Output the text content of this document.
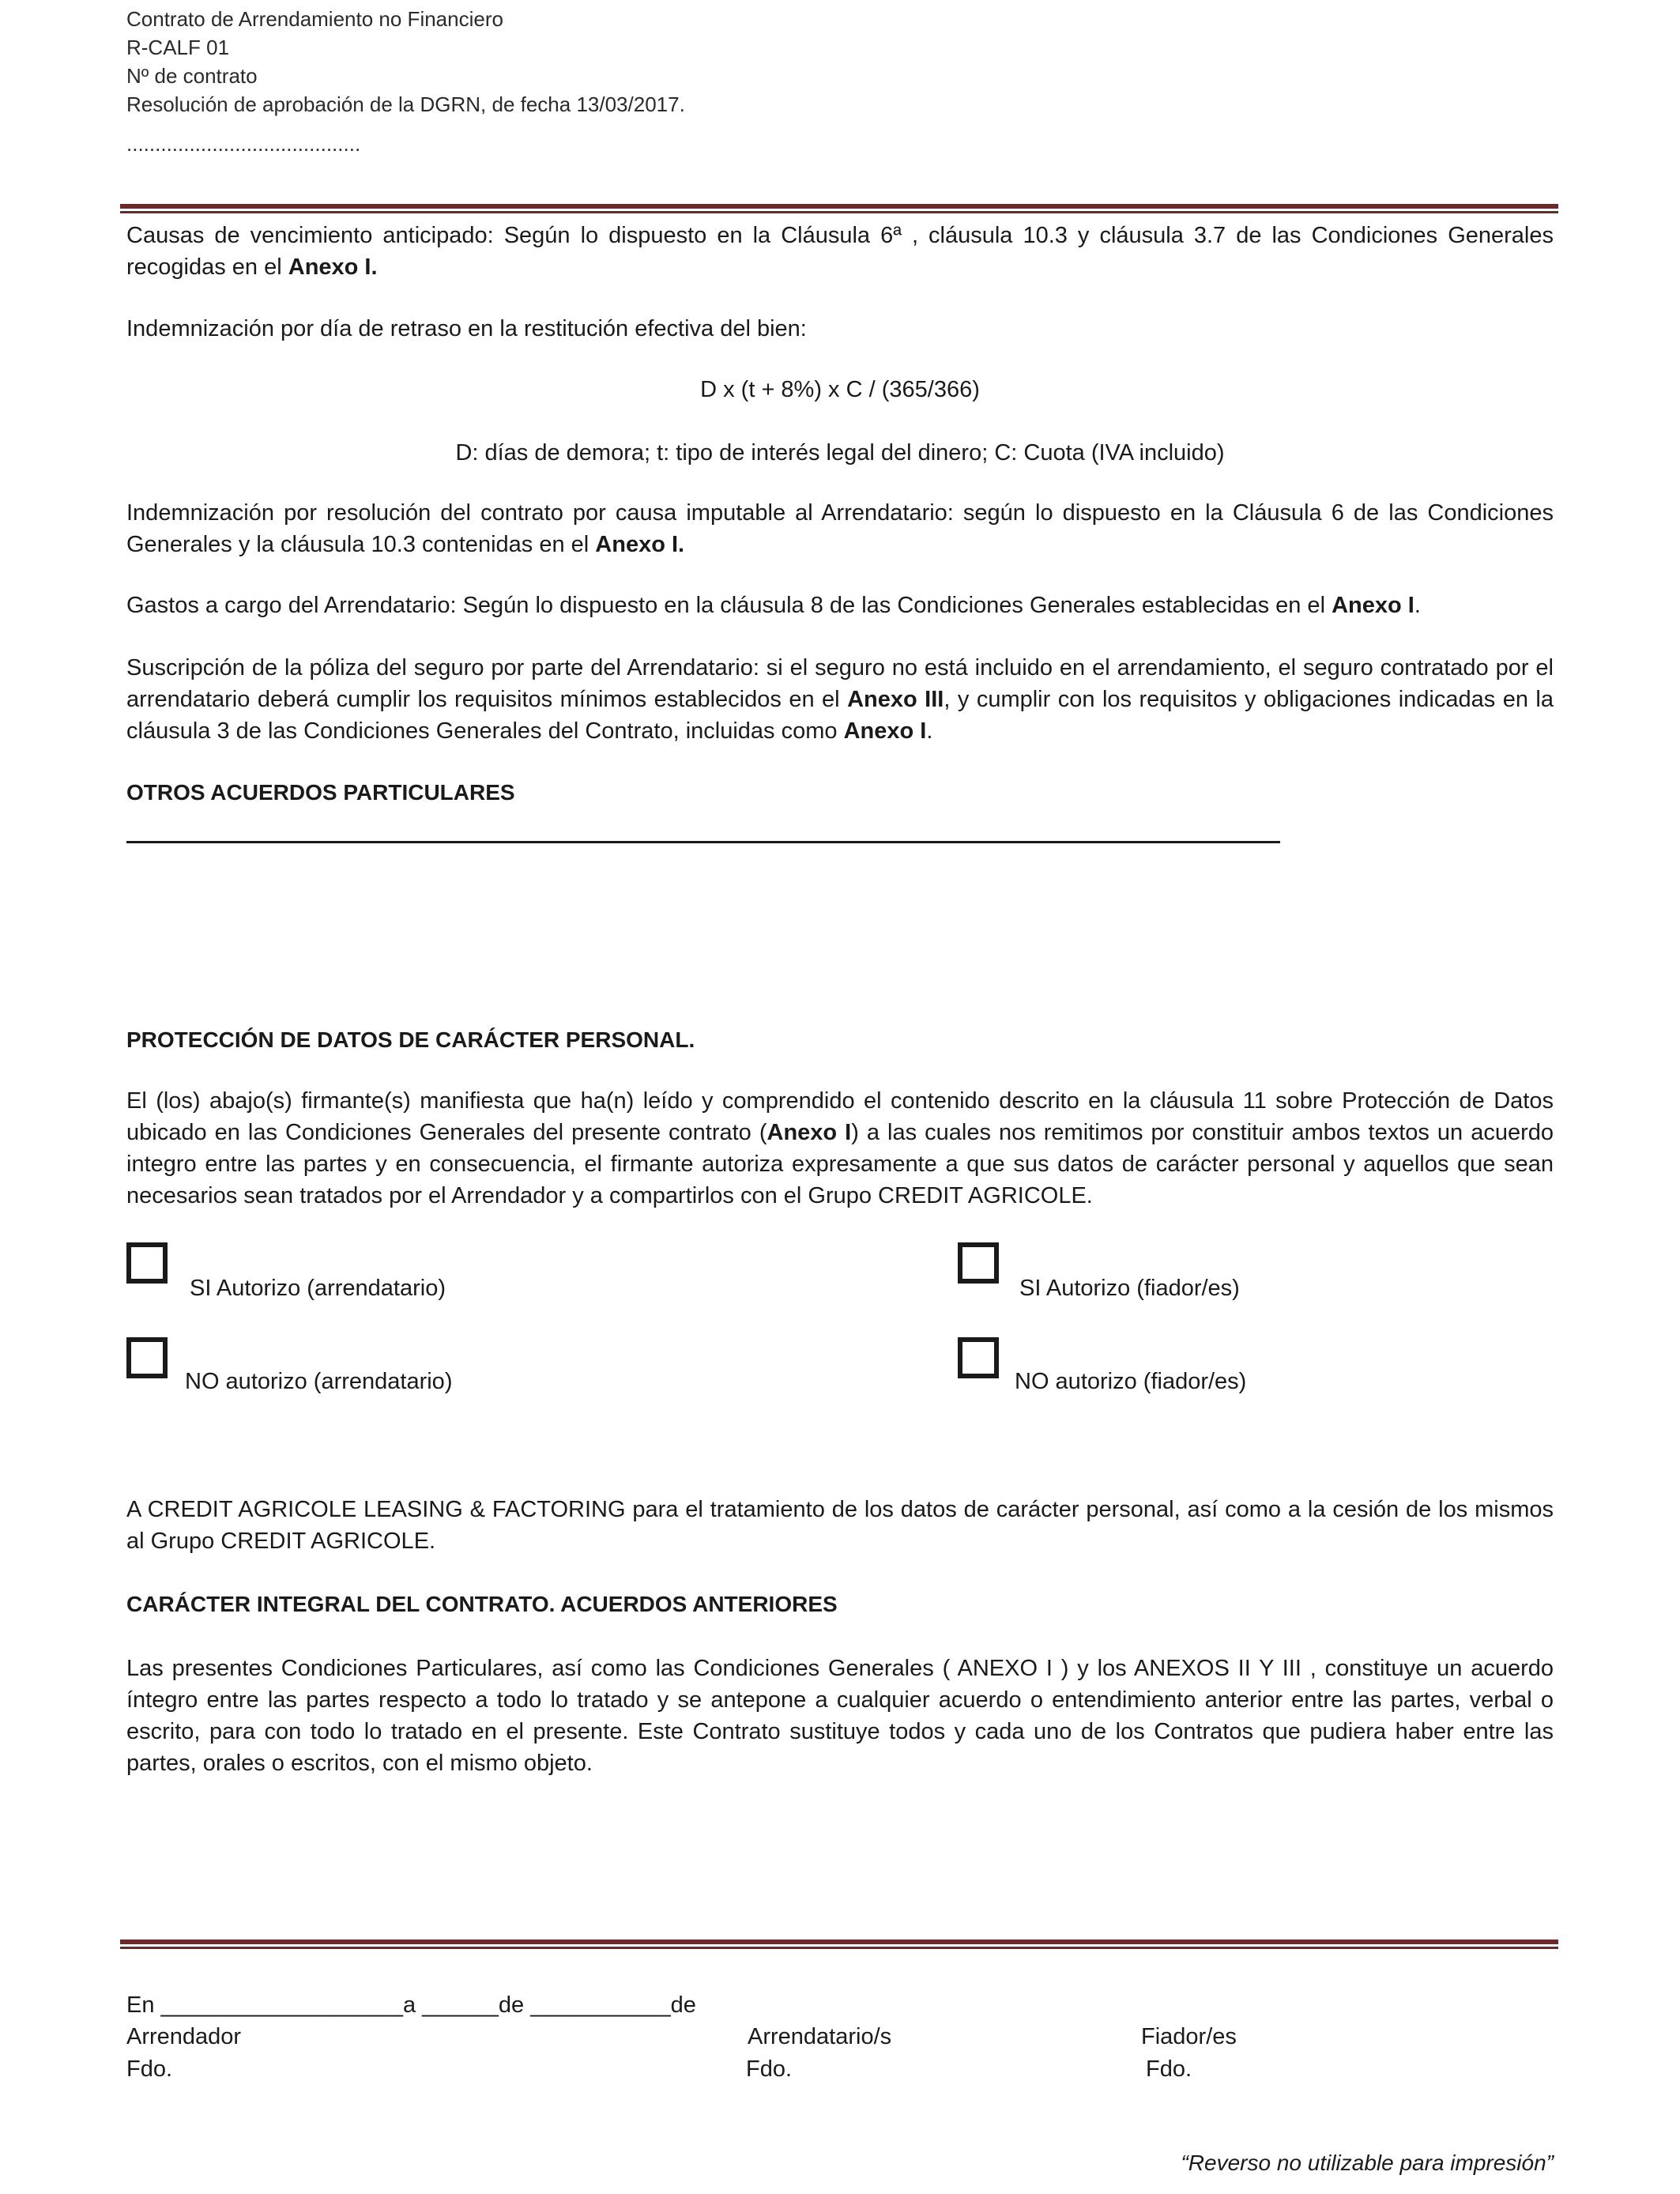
Contrato de Arrendamiento no Financiero
R-CALF 01
Nº de contrato
Resolución de aprobación de la DGRN, de fecha 13/03/2017.
.........................................
Causas de vencimiento anticipado: Según lo dispuesto en la Cláusula 6ª , cláusula 10.3 y cláusula 3.7 de las Condiciones Generales recogidas en el Anexo I.
Indemnización por día de retraso en la restitución efectiva del bien:
D x (t + 8%) x C / (365/366)
D: días de demora; t: tipo de interés legal del dinero; C: Cuota (IVA incluido)
Indemnización por resolución del contrato por causa imputable al Arrendatario: según lo dispuesto en la Cláusula 6 de las Condiciones Generales y la cláusula 10.3 contenidas en el Anexo I.
Gastos a cargo del Arrendatario: Según lo dispuesto en la cláusula 8 de las Condiciones Generales establecidas en el Anexo I.
Suscripción de la póliza del seguro por parte del Arrendatario: si el seguro no está incluido en el arrendamiento, el seguro contratado por el arrendatario deberá cumplir los requisitos mínimos establecidos en el Anexo III, y cumplir con los requisitos y obligaciones indicadas en la cláusula 3 de las Condiciones Generales del Contrato, incluidas como Anexo I.
OTROS ACUERDOS PARTICULARES
PROTECCIÓN DE DATOS DE CARÁCTER PERSONAL.
El (los) abajo(s) firmante(s) manifiesta que ha(n) leído y comprendido el contenido descrito en la cláusula 11 sobre Protección de Datos ubicado en las Condiciones Generales del presente contrato (Anexo I) a las cuales nos remitimos por constituir ambos textos un acuerdo integro entre las partes y en consecuencia, el firmante autoriza expresamente a que sus datos de carácter personal y aquellos que sean necesarios sean tratados por el Arrendador y a compartirlos con el Grupo CREDIT AGRICOLE.
SI Autorizo (arrendatario)	SI Autorizo (fiador/es)
NO autorizo (arrendatario)	NO autorizo (fiador/es)
A CREDIT AGRICOLE LEASING & FACTORING para el tratamiento de los datos de carácter personal, así como a la cesión de los mismos al Grupo CREDIT AGRICOLE.
CARÁCTER INTEGRAL DEL CONTRATO. ACUERDOS ANTERIORES
Las presentes Condiciones Particulares, así como las Condiciones Generales ( ANEXO I ) y los ANEXOS II Y III , constituye un acuerdo íntegro entre las partes respecto a todo lo tratado y se antepone a cualquier acuerdo o entendimiento anterior entre las partes, verbal o escrito, para con todo lo tratado en el presente. Este Contrato sustituye todos y cada uno de los Contratos que pudiera haber entre las partes, orales o escritos, con el mismo objeto.
En ___________________a ______de ___________de
Arrendador	Arrendatario/s	Fiador/es
Fdo.	Fdo.	Fdo.
“Reverso no utilizable para impresión”
